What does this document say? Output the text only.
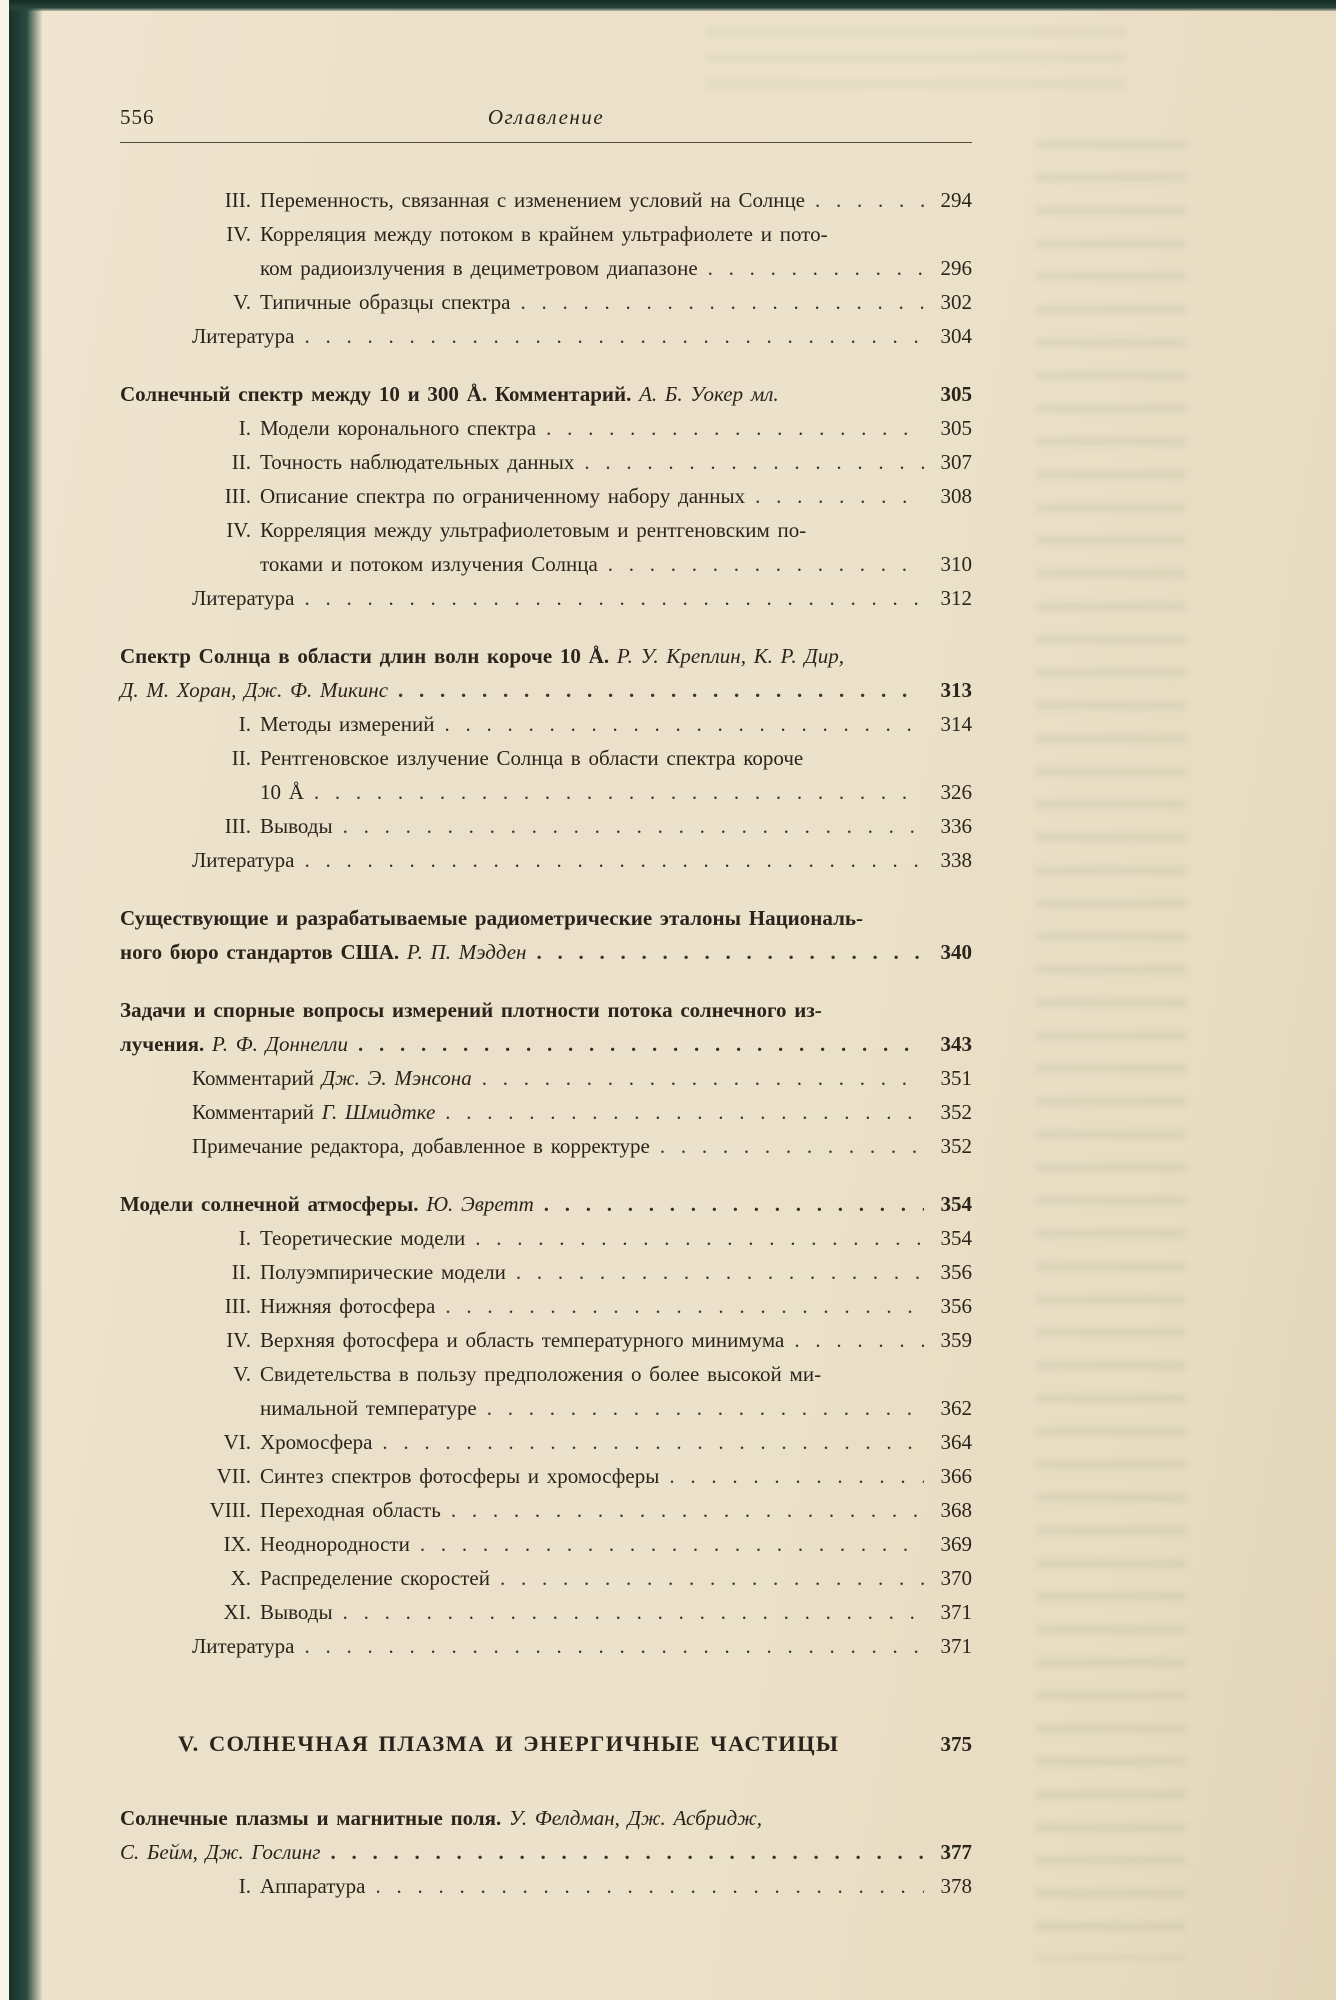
556	Оглавление
III. Переменность, связанная с изменением условий на Солнце . . .	294
IV. Корреляция между потоком в крайнем ультрафиолете и пото-
ком радиоизлучения в дециметровом диапазоне . . .	296
V. Типичные образцы спектра . . .	302
Литература . . .	304
Солнечный спектр между 10 и 300 Å. Комментарий. А. Б. Уокер мл.	305
I. Модели коронального спектра . . .	305
II. Точность наблюдательных данных . . .	307
III. Описание спектра по ограниченному набору данных . . .	308
IV. Корреляция между ультрафиолетовым и рентгеновским по-
токами и потоком излучения Солнца . . .	310
Литература . . .	312
Спектр Солнца в области длин волн короче 10 Å. Р. У. Креплин, К. Р. Дир,
Д. М. Хоран, Дж. Ф. Микинс . . .	313
I. Методы измерений . . .	314
II. Рентгеновское излучение Солнца в области спектра короче
10 Å . . .	326
III. Выводы . . .	336
Литература . . .	338
Существующие и разрабатываемые радиометрические эталоны Националь-
ного бюро стандартов США. Р. П. Мэдден . . .	340
Задачи и спорные вопросы измерений плотности потока солнечного из-
лучения. Р. Ф. Доннелли . . .	343
Комментарий Дж. Э. Мэнсона . . .	351
Комментарий Г. Шмидтке . . .	352
Примечание редактора, добавленное в корректуре . . .	352
Модели солнечной атмосферы. Ю. Эвретт . . .	354
I. Теоретические модели . . .	354
II. Полуэмпирические модели . . .	356
III. Нижняя фотосфера . . .	356
IV. Верхняя фотосфера и область температурного минимума . . .	359
V. Свидетельства в пользу предположения о более высокой ми-
нимальной температуре . . .	362
VI. Хромосфера . . .	364
VII. Синтез спектров фотосферы и хромосферы . . .	366
VIII. Переходная область . . .	368
IX. Неоднородности . . .	369
X. Распределение скоростей . . .	370
XI. Выводы . . .	371
Литература . . .	371
V. СОЛНЕЧНАЯ ПЛАЗМА И ЭНЕРГИЧНЫЕ ЧАСТИЦЫ	375
Солнечные плазмы и магнитные поля. У. Фелдман, Дж. Асбридж,
С. Бейм, Дж. Гослинг . . .	377
I. Аппаратура . . .	378
